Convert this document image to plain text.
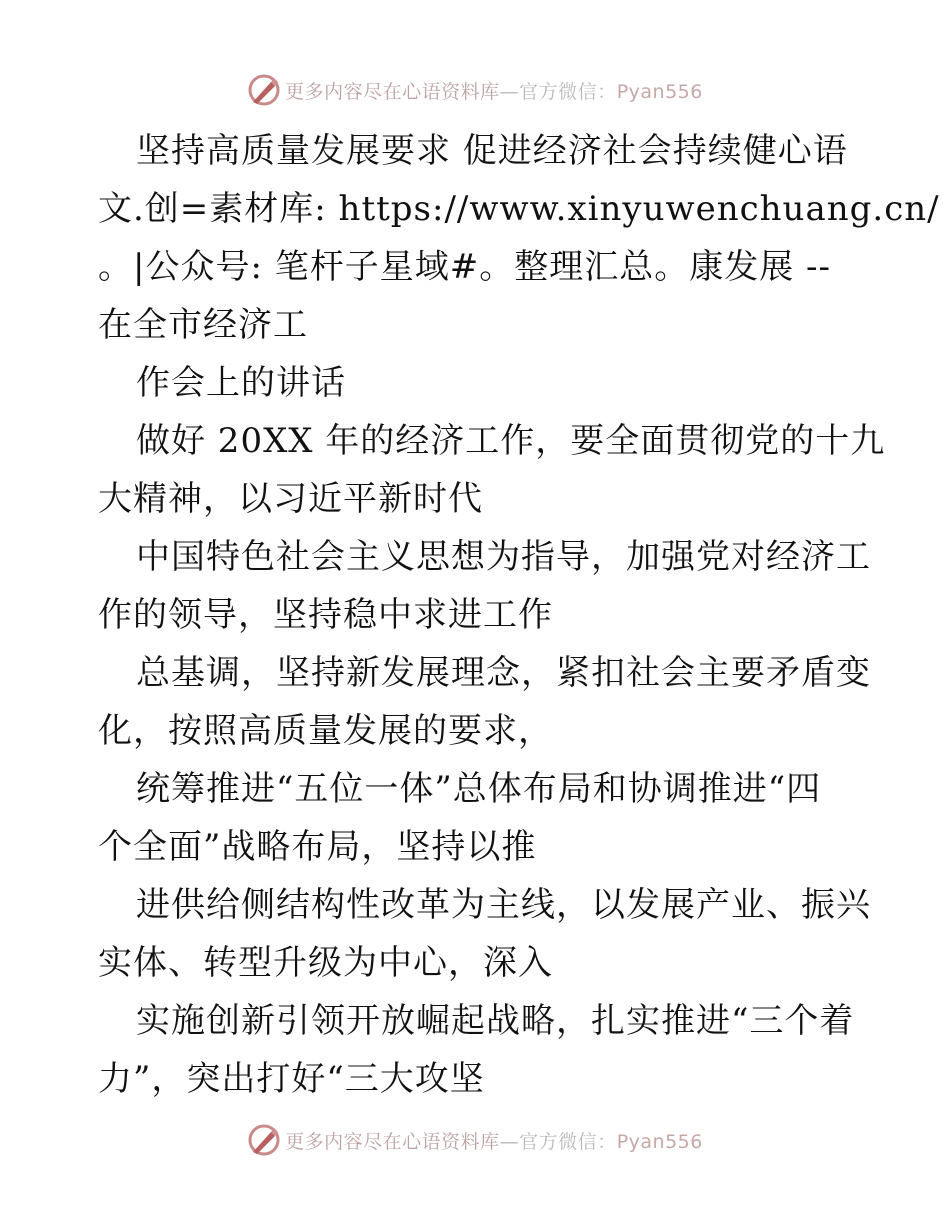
更多内容尽在心语资料库—官方微信：Pyan556
坚持高质量发展要求 促进经济社会持续健心语
文.创=素材库: https://www.xinyuwenchuang.cn/
。|公众号: 笔杆子星域#。整理汇总。康发展 --
在全市经济工
作会上的讲话
做好 20XX 年的经济工作，要全面贯彻党的十九
大精神，以习近平新时代
中国特色社会主义思想为指导，加强党对经济工
作的领导，坚持稳中求进工作
总基调，坚持新发展理念，紧扣社会主要矛盾变
化，按照高质量发展的要求，
统筹推进“五位一体”总体布局和协调推进“四
个全面”战略布局，坚持以推
进供给侧结构性改革为主线，以发展产业、振兴
实体、转型升级为中心，深入
实施创新引领开放崛起战略，扎实推进“三个着
力”，突出打好“三大攻坚
更多内容尽在心语资料库—官方微信：Pyan556
